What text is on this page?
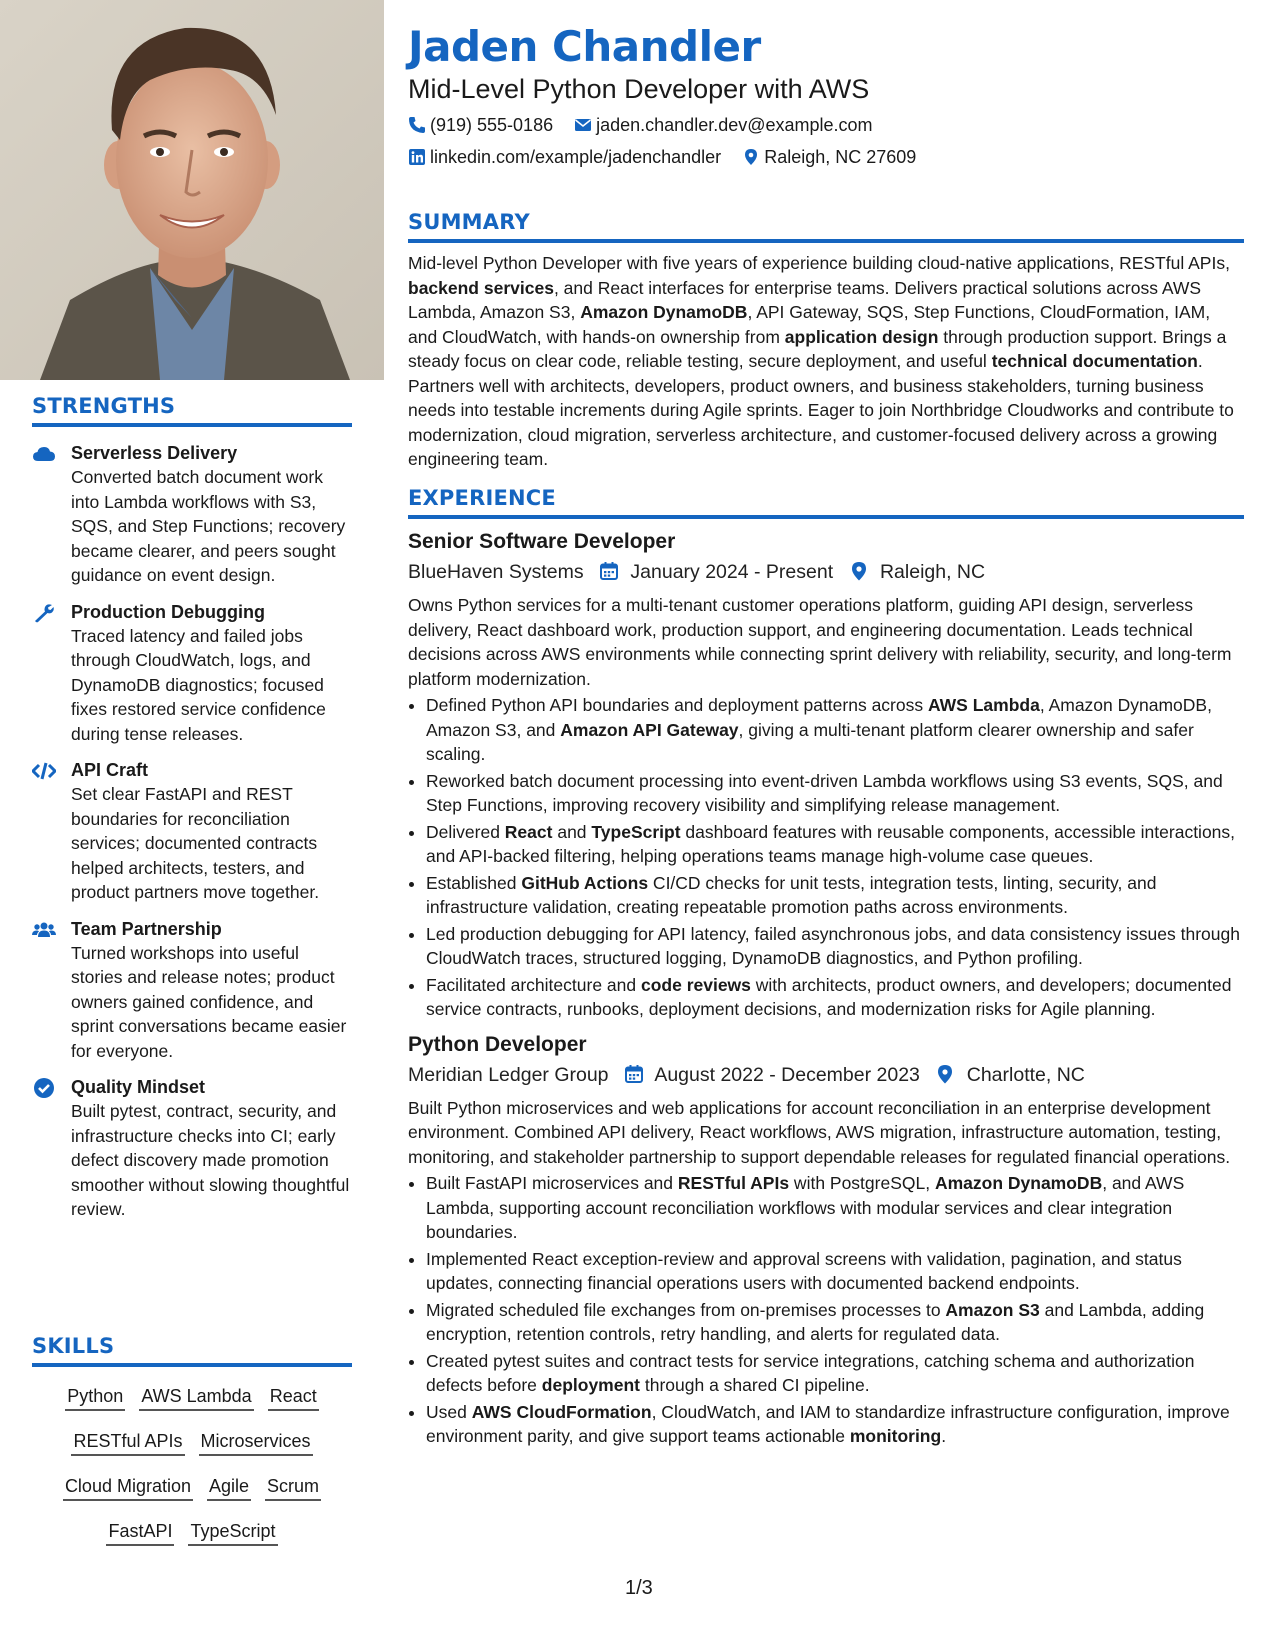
STRENGTHS
Serverless Delivery
Converted batch document work into Lambda workflows with S3, SQS, and Step Functions; recovery became clearer, and peers sought guidance on event design.
Production Debugging
Traced latency and failed jobs through CloudWatch, logs, and DynamoDB diagnostics; focused fixes restored service confidence during tense releases.
API Craft
Set clear FastAPI and REST boundaries for reconciliation services; documented contracts helped architects, testers, and product partners move together.
Team Partnership
Turned workshops into useful stories and release notes; product owners gained confidence, and sprint conversations became easier for everyone.
Quality Mindset
Built pytest, contract, security, and infrastructure checks into CI; early defect discovery made promotion smoother without slowing thoughtful review.
SKILLS
Python AWS Lambda React
RESTful APIs Microservices
Cloud Migration Agile Scrum
FastAPI TypeScript
Jaden Chandler
Mid-Level Python Developer with AWS
(919) 555-0186 jaden.chandler.dev@example.com
linkedin.com/example/jadenchandler Raleigh, NC 27609
SUMMARY
Mid-level Python Developer with five years of experience building cloud-native applications, RESTful APIs, backend services, and React interfaces for enterprise teams. Delivers practical solutions across AWS Lambda, Amazon S3, Amazon DynamoDB, API Gateway, SQS, Step Functions, CloudFormation, IAM, and CloudWatch, with hands-on ownership from application design through production support. Brings a steady focus on clear code, reliable testing, secure deployment, and useful technical documentation. Partners well with architects, developers, product owners, and business stakeholders, turning business needs into testable increments during Agile sprints. Eager to join Northbridge Cloudworks and contribute to modernization, cloud migration, serverless architecture, and customer-focused delivery across a growing engineering team.
EXPERIENCE
Senior Software Developer
BlueHaven Systems January 2024 - Present Raleigh, NC
Owns Python services for a multi-tenant customer operations platform, guiding API design, serverless delivery, React dashboard work, production support, and engineering documentation. Leads technical decisions across AWS environments while connecting sprint delivery with reliability, security, and long-term platform modernization.
• Defined Python API boundaries and deployment patterns across AWS Lambda, Amazon DynamoDB, Amazon S3, and Amazon API Gateway, giving a multi-tenant platform clearer ownership and safer scaling.
• Reworked batch document processing into event-driven Lambda workflows using S3 events, SQS, and Step Functions, improving recovery visibility and simplifying release management.
• Delivered React and TypeScript dashboard features with reusable components, accessible interactions, and API-backed filtering, helping operations teams manage high-volume case queues.
• Established GitHub Actions CI/CD checks for unit tests, integration tests, linting, security, and infrastructure validation, creating repeatable promotion paths across environments.
• Led production debugging for API latency, failed asynchronous jobs, and data consistency issues through CloudWatch traces, structured logging, DynamoDB diagnostics, and Python profiling.
• Facilitated architecture and code reviews with architects, product owners, and developers; documented service contracts, runbooks, deployment decisions, and modernization risks for Agile planning.
Python Developer
Meridian Ledger Group August 2022 - December 2023 Charlotte, NC
Built Python microservices and web applications for account reconciliation in an enterprise development environment. Combined API delivery, React workflows, AWS migration, infrastructure automation, testing, monitoring, and stakeholder partnership to support dependable releases for regulated financial operations.
• Built FastAPI microservices and RESTful APIs with PostgreSQL, Amazon DynamoDB, and AWS Lambda, supporting account reconciliation workflows with modular services and clear integration boundaries.
• Implemented React exception-review and approval screens with validation, pagination, and status updates, connecting financial operations users with documented backend endpoints.
• Migrated scheduled file exchanges from on-premises processes to Amazon S3 and Lambda, adding encryption, retention controls, retry handling, and alerts for regulated data.
• Created pytest suites and contract tests for service integrations, catching schema and authorization defects before deployment through a shared CI pipeline.
• Used AWS CloudFormation, CloudWatch, and IAM to standardize infrastructure configuration, improve environment parity, and give support teams actionable monitoring.
1/3
